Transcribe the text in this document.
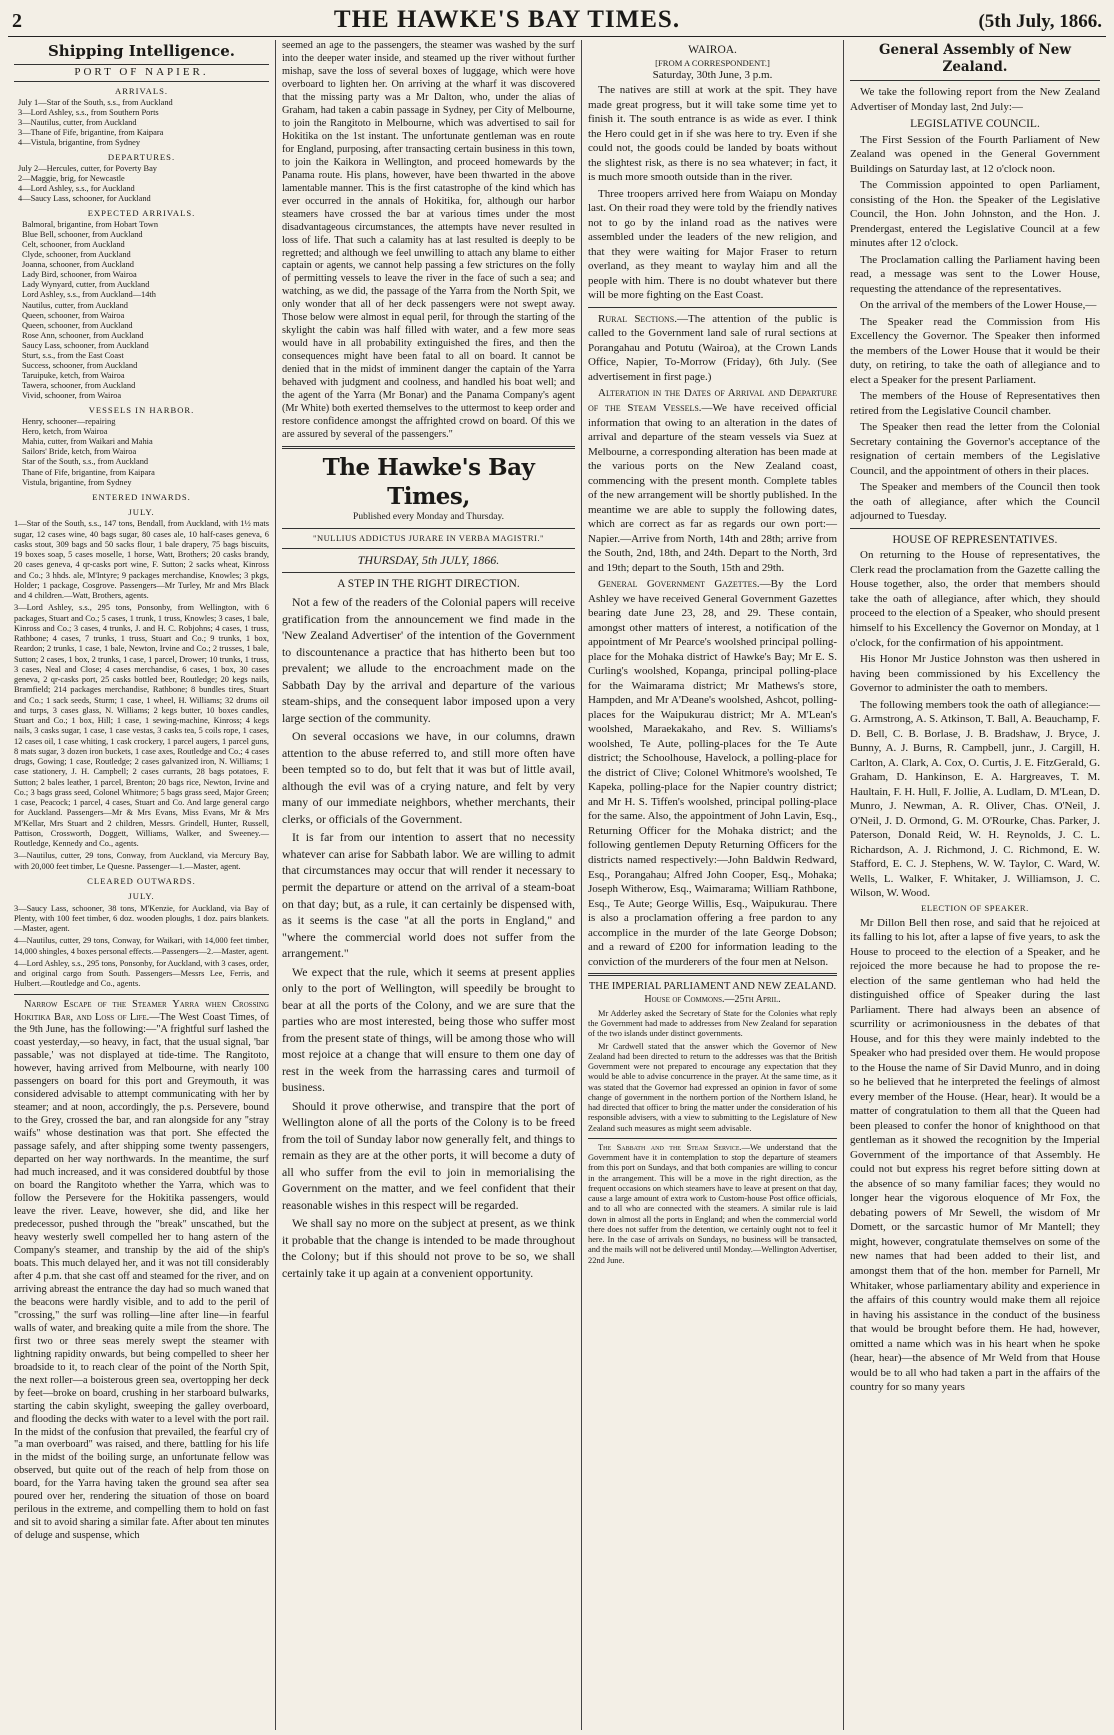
2	THE HAWKE'S BAY TIMES.	(5th July, 1866.
Shipping Intelligence.
PORT OF NAPIER.
ARRIVALS.
July 1—Star of the South, s.s., from Auckland
3—Lord Ashley, s.s., from Southern Ports
3—Nautilus, cutter, from Auckland
3—Thane of Fife, brigantine, from Kaipara
4—Vistula, brigantine, from Sydney
DEPARTURES.
July 2—Hercules, cutter, for Poverty Bay
2—Maggie, brig, for Newcastle
4—Lord Ashley, s.s., for Auckland
4—Saucy Lass, schooner, for Auckland
EXPECTED ARRIVALS.
Balmoral, brigantine, from Hobart Town
Blue Bell, schooner, from Auckland
Celt, schooner, from Auckland
Clyde, schooner, from Auckland
Joanna, schooner, from Auckland
Lady Bird, schooner, from Wairoa
Lady Wynyard, cutter, from Auckland
Lord Ashley, s.s., from Auckland—14th
Nautilus, cutter, from Auckland
Queen, schooner, from Wairoa
Queen, schooner, from Auckland
Rose Ann, schooner, from Auckland
Saucy Lass, schooner, from Auckland
Sturt, s.s., from the East Coast
Success, schooner, from Auckland
Taruipuke, ketch, from Wairoa
Tawera, schooner, from Auckland
Vivid, schooner, from Wairoa
VESSELS IN HARBOR.
Henry, schooner—repairing
Hero, ketch, from Wairoa
Mahia, cutter, from Waikari and Mahia
Sailors' Bride, ketch, from Wairoa
Star of the South, s.s., from Auckland
Thane of Fife, brigantine, from Kaipara
Vistula, brigantine, from Sydney
ENTERED INWARDS.
JULY.
1—Star of the South, s.s., 147 tons, Bendall, from Auckland, with 1½ mats sugar, 12 cases wine, 40 bags sugar, 80 cases ale, 10 half-cases geneva, 6 casks stout, 309 bags and 50 sacks flour, 1 bale drapery, 75 bags biscuits, 19 boxes soap, 5 cases moselle, 1 horse, Watt, Brothers; 20 casks brandy, 20 cases geneva, 4 qr-casks port wine, F. Sutton; 2 sacks wheat, Kinross and Co.; 3 hhds. ale, M'Intyre; 9 packages merchandise, Knowles; 3 pkgs, Holder; 1 package, Cosgrove. Passengers—Mr Turley, Mr and Mrs Black and 4 children.—Watt, Brothers, agents.
3—Lord Ashley, s.s., 295 tons, Ponsonby, from Wellington, with 6 packages, Stuart and Co.; 5 cases, 1 trunk, 1 truss, Knowles; 3 cases, 1 bale, Kinross and Co.; 3 cases, 4 trunks, J. and H. C. Robjohns; 4 cases, 1 truss, Rathbone; 4 cases, 7 trunks, 1 truss, Stuart and Co.; 9 trunks, 1 box, Reardon; 2 trunks, 1 case, 1 bale, Newton, Irvine and Co.; 2 trusses, 1 bale, Sutton; 2 cases, 1 box, 2 trunks, 1 case, 1 parcel, Drower; 10 trunks, 1 truss, 3 cases, Neal and Close; 4 cases merchandise, 6 cases, 1 box, 30 cases geneva, 2 qr-casks port, 25 casks bottled beer, Routledge; 20 kegs nails, Bramfield; 214 packages merchandise, Rathbone; 8 bundles tires, Stuart and Co.; 1 sack seeds, Sturm; 1 case, 1 wheel, H. Williams; 32 drums oil and turps, 3 cases glass, N. Williams; 2 kegs butter, 10 boxes candles, Stuart and Co.; 1 box, Hill; 1 case, 1 sewing-machine, Kinross; 4 kegs nails, 3 casks sugar, 1 case, 1 case vestas, 3 casks tea, 5 coils rope, 1 cases, 12 cases oil, 1 case whiting, 1 cask crockery, 1 parcel augers, 1 parcel guns, 8 mats sugar, 3 dozen iron buckets, 1 case axes, Routledge and Co.; 4 cases drugs, Gowing; 1 case, Routledge; 2 cases galvanized iron, N. Williams; 1 case stationery, J. H. Campbell; 2 cases currants, 28 bags potatoes, F. Sutton; 2 bales leather, 1 parcel, Brenton; 20 bags rice, Newton, Irvine and Co.; 3 bags grass seed, Colonel Whitmore; 5 bags grass seed, Major Green; 1 case, Peacock; 1 parcel, 4 cases, Stuart and Co. And large general cargo for Auckland. Passengers—Mr & Mrs Evans, Miss Evans, Mr & Mrs M'Kellar, Mrs Stuart and 2 children, Messrs. Grindell, Hunter, Russell, Pattison, Crossworth, Doggett, Williams, Walker, and Sweeney.—Routledge, Kennedy and Co., agents.
3—Nautilus, cutter, 29 tons, Conway, from Auckland, via Mercury Bay, with 20,000 feet timber, Le Quesne. Passenger—1.—Master, agent.
CLEARED OUTWARDS.
JULY.
3—Saucy Lass, schooner, 38 tons, M'Kenzie, for Auckland, via Bay of Plenty, with 100 feet timber, 6 doz. wooden ploughs, 1 doz. pairs blankets.—Master, agent.
4—Nautilus, cutter, 29 tons, Conway, for Waikari, with 14,000 feet timber, 14,000 shingles, 4 boxes personal effects.—Passengers—2.—Master, agent.
4—Lord Ashley, s.s., 295 tons, Ponsonby, for Auckland, with 3 cases, order, and original cargo from South. Passengers—Messrs Lee, Ferris, and Hulbert.—Routledge and Co., agents.

Narrow Escape of the Steamer Yarra when Crossing Hokitika Bar, and Loss of Life.—The West Coast Times, of the 9th June, has the following:—"A frightful surf lashed the coast yesterday,—so heavy, in fact, that the usual signal, 'bar passable,' was not displayed at tide-time. The Rangitoto, however, having arrived from Melbourne, with nearly 100 passengers on board for this port and Greymouth, it was considered advisable to attempt communicating with her by steamer; and at noon, accordingly, the p.s. Persevere, bound to the Grey, crossed the bar, and ran alongside for any "stray waifs" whose destination was that port. She effected the passage safely, and after shipping some twenty passengers, departed on her way northwards. In the meantime, the surf had much increased, and it was considered doubtful by those on board the Rangitoto whether the Yarra, which was to follow the Persevere for the Hokitika passengers, would leave the river. Leave, however, she did, and like her predecessor, pushed through the "break" unscathed, but the heavy westerly swell compelled her to hang astern of the Company's steamer, and tranship by the aid of the ship's boats. This much delayed her, and it was not till considerably after 4 p.m. that she cast off and steamed for the river, and on arriving abreast the entrance the day had so much waned that the beacons were hardly visible, and to add to the peril of "crossing," the surf was rolling—line after line—in fearful walls of water, and breaking quite a mile from the shore. The first two or three seas merely swept the steamer with lightning rapidity onwards, but being compelled to sheer her broadside to it, to reach clear of the point of the North Spit, the next roller—a boisterous green sea, overtopping her deck by feet—broke on board, crushing in her starboard bulwarks, starting the cabin skylight, sweeping the galley overboard, and flooding the decks with water to a level with the port rail. In the midst of the confusion that prevailed, the fearful cry of "a man overboard" was raised, and there, battling for his life in the midst of the boiling surge, an unfortunate fellow was observed, but quite out of the reach of help from those on board, for the Yarra having taken the ground sea after sea poured over her, rendering the situation of those on board perilous in the extreme, and compelling them to hold on fast and sit to avoid sharing a similar fate. After about ten minutes of deluge and suspense, which

seemed an age to the passengers, the steamer was washed by the surf into the deeper water inside, and steamed up the river without further mishap, save the loss of several boxes of luggage, which were hove overboard to lighten her. On arriving at the wharf it was discovered that the missing party was a Mr Dalton, who, under the alias of Graham, had taken a cabin passage in Sydney, per City of Melbourne, to join the Rangitoto in Melbourne, which was advertised to sail for Hokitika on the 1st instant. The unfortunate gentleman was en route for England, purposing, after transacting certain business in this town, to join the Kaikora in Wellington, and proceed homewards by the Panama route. His plans, however, have been thwarted in the above lamentable manner. This is the first catastrophe of the kind which has ever occurred in the annals of Hokitika, for, although our harbor steamers have crossed the bar at various times under the most disadvantageous circumstances, the attempts have never resulted in loss of life. That such a calamity has at last resulted is deeply to be regretted; and although we feel unwilling to attach any blame to either captain or agents, we cannot help passing a few strictures on the folly of permitting vessels to leave the river in the face of such a sea; and watching, as we did, the passage of the Yarra from the North Spit, we only wonder that all of her deck passengers were not swept away. Those below were almost in equal peril, for through the starting of the skylight the cabin was half filled with water, and a few more seas would have in all probability extinguished the fires, and then the consequences might have been fatal to all on board. It cannot be denied that in the midst of imminent danger the captain of the Yarra behaved with judgment and coolness, and handled his boat well; and the agent of the Yarra (Mr Bonar) and the Panama Company's agent (Mr White) both exerted themselves to the uttermost to keep order and restore confidence amongst the affrighted crowd on board. Of this we are assured by several of the passengers."

The Hawke's Bay Times,
Published every Monday and Thursday.
"NULLIUS ADDICTUS JURARE IN VERBA MAGISTRI."
THURSDAY, 5th JULY, 1866.
A STEP IN THE RIGHT DIRECTION.

Not a few of the readers of the Colonial papers will receive gratification from the announcement we find made in the 'New Zealand Advertiser' of the intention of the Government to discountenance a practice that has hitherto been but too prevalent; we allude to the encroachment made on the Sabbath Day by the arrival and departure of the various steam-ships, and the consequent labor imposed upon a very large section of the community.

On several occasions we have, in our columns, drawn attention to the abuse referred to, and still more often have been tempted so to do, but felt that it was but of little avail, although the evil was of a crying nature, and felt by very many of our immediate neighbors, whether merchants, their clerks, or officials of the Government.

It is far from our intention to assert that no necessity whatever can arise for Sabbath labor. We are willing to admit that circumstances may occur that will render it necessary to permit the departure or attend on the arrival of a steam-boat on that day; but, as a rule, it can certainly be dispensed with, as it seems is the case "at all the ports in England," and "where the commercial world does not suffer from the arrangement."

We expect that the rule, which it seems at present applies only to the port of Wellington, will speedily be brought to bear at all the ports of the Colony, and we are sure that the parties who are most interested, being those who suffer most from the present state of things, will be among those who will most rejoice at a change that will ensure to them one day of rest in the week from the harrassing cares and turmoil of business.

Should it prove otherwise, and transpire that the port of Wellington alone of all the ports of the Colony is to be freed from the toil of Sunday labor now generally felt, and things to remain as they are at the other ports, it will become a duty of all who suffer from the evil to join in memorialising the Government on the matter, and we feel confident that their reasonable wishes in this respect will be regarded.

We shall say no more on the subject at present, as we think it probable that the change is intended to be made throughout the Colony; but if this should not prove to be so, we shall certainly take it up again at a convenient opportunity.

WAIROA.
[FROM A CORRESPONDENT.]
Saturday, 30th June, 3 p.m.

The natives are still at work at the spit. They have made great progress, but it will take some time yet to finish it. The south entrance is as wide as ever. I think the Hero could get in if she was here to try. Even if she could not, the goods could be landed by boats without the slightest risk, as there is no sea whatever; in fact, it is much more smooth outside than in the river.

Three troopers arrived here from Waiapu on Monday last. On their road they were told by the friendly natives not to go by the inland road as the natives were assembled under the leaders of the new religion, and that they were waiting for Major Fraser to return overland, as they meant to waylay him and all the people with him. There is no doubt whatever but there will be more fighting on the East Coast.

Rural Sections.—The attention of the public is called to the Government land sale of rural sections at Porangahau and Potutu (Wairoa), at the Crown Lands Office, Napier, To-Morrow (Friday), 6th July. (See advertisement in first page.)

Alteration in the Dates of Arrival and Departure of the Steam Vessels.—We have received official information that owing to an alteration in the dates of arrival and departure of the steam vessels via Suez at Melbourne, a corresponding alteration has been made at the various ports on the New Zealand coast, commencing with the present month. Complete tables of the new arrangement will be shortly published. In the meantime we are able to supply the following dates, which are correct as far as regards our own port:—Napier.—Arrive from North, 14th and 28th; arrive from the South, 2nd, 18th, and 24th. Depart to the North, 3rd and 19th; depart to the South, 15th and 29th.

General Government Gazettes.—By the Lord Ashley we have received General Government Gazettes bearing date June 23, 28, and 29. These contain, amongst other matters of interest, a notification of the appointment of Mr Pearce's woolshed principal polling-place for the Mohaka district of Hawke's Bay; Mr E. S. Curling's woolshed, Kopanga, principal polling-place for the Waimarama district; Mr Mathews's store, Hampden, and Mr A'Deane's woolshed, Ashcot, polling-places for the Waipukurau district; Mr A. M'Lean's woolshed, Maraekakaho, and Rev. S. Williams's woolshed, Te Aute, polling-places for the Te Aute district; the Schoolhouse, Havelock, a polling-place for the district of Clive; Colonel Whitmore's woolshed, Te Kapeka, polling-place for the Napier country district; and Mr H. S. Tiffen's woolshed, principal polling-place for the same. Also, the appointment of John Lavin, Esq., Returning Officer for the Mohaka district; and the following gentlemen Deputy Returning Officers for the districts named respectively:—John Baldwin Redward, Esq., Porangahau; Alfred John Cooper, Esq., Mohaka; Joseph Witherow, Esq., Waimarama; William Rathbone, Esq., Te Aute; George Willis, Esq., Waipukurau. There is also a proclamation offering a free pardon to any accomplice in the murder of the late George Dobson; and a reward of £200 for information leading to the conviction of the murderers of the four men at Nelson.

THE IMPERIAL PARLIAMENT AND NEW ZEALAND.
House of Commons.—25th April.

Mr Adderley asked the Secretary of State for the Colonies what reply the Government had made to addresses from New Zealand for separation of the two islands under distinct governments.

Mr Cardwell stated that the answer which the Governor of New Zealand had been directed to return to the addresses was that the British Government were not prepared to encourage any expectation that they would be able to advise concurrence in the prayer. At the same time, as it was stated that the Governor had expressed an opinion in favor of some change of government in the northern portion of the Northern Island, he had directed that officer to bring the matter under the consideration of his responsible advisers, with a view to submitting to the Legislature of New Zealand such measures as might seem advisable.

The Sabbath and the Steam Service.—We understand that the Government have it in contemplation to stop the departure of steamers from this port on Sundays, and that both companies are willing to concur in the arrangement. This will be a move in the right direction, as the frequent occasions on which steamers have to leave at present on that day, cause a large amount of extra work to Custom-house Post office officials, and to all who are connected with the steamers. A similar rule is laid down in almost all the ports in England; and when the commercial world there does not suffer from the detention, we certainly ought not to feel it here. In the case of arrivals on Sundays, no business will be transacted, and the mails will not be delivered until Monday.—Wellington Advertiser, 22nd June.

General Assembly of New Zealand.

We take the following report from the New Zealand Advertiser of Monday last, 2nd July:—

LEGISLATIVE COUNCIL.

The First Session of the Fourth Parliament of New Zealand was opened in the General Government Buildings on Saturday last, at 12 o'clock noon.

The Commission appointed to open Parliament, consisting of the Hon. the Speaker of the Legislative Council, the Hon. John Johnston, and the Hon. J. Prendergast, entered the Legislative Council at a few minutes after 12 o'clock.

The Proclamation calling the Parliament having been read, a message was sent to the Lower House, requesting the attendance of the representatives.

On the arrival of the members of the Lower House,—

The Speaker read the Commission from His Excellency the Governor. The Speaker then informed the members of the Lower House that it would be their duty, on retiring, to take the oath of allegiance and to elect a Speaker for the present Parliament.

The members of the House of Representatives then retired from the Legislative Council chamber.

The Speaker then read the letter from the Colonial Secretary containing the Governor's acceptance of the resignation of certain members of the Legislative Council, and the appointment of others in their places.

The Speaker and members of the Council then took the oath of allegiance, after which the Council adjourned to Tuesday.

HOUSE OF REPRESENTATIVES.

On returning to the House of representatives, the Clerk read the proclamation from the Gazette calling the House together, also, the order that members should take the oath of allegiance, after which, they should proceed to the election of a Speaker, who should present himself to his Excellency the Governor on Monday, at 1 o'clock, for the confirmation of his appointment.

His Honor Mr Justice Johnston was then ushered in having been commissioned by his Excellency the Governor to administer the oath to members.

The following members took the oath of allegiance:—G. Armstrong, A. S. Atkinson, T. Ball, A. Beauchamp, F. D. Bell, C. B. Borlase, J. B. Bradshaw, J. Bryce, J. Bunny, A. J. Burns, R. Campbell, junr., J. Cargill, H. Carlton, A. Clark, A. Cox, O. Curtis, J. E. FitzGerald, G. Graham, D. Hankinson, E. A. Hargreaves, T. M. Haultain, F. H. Hull, F. Jollie, A. Ludlam, D. M'Lean, D. Munro, J. Newman, A. R. Oliver, Chas. O'Neil, J. O'Neil, J. D. Ormond, G. M. O'Rourke, Chas. Parker, J. Paterson, Donald Reid, W. H. Reynolds, J. C. L. Richardson, A. J. Richmond, J. C. Richmond, E. W. Stafford, E. C. J. Stephens, W. W. Taylor, C. Ward, W. Wells, L. Walker, F. Whitaker, J. Williamson, J. C. Wilson, W. Wood.

ELECTION OF SPEAKER.

Mr Dillon Bell then rose, and said that he rejoiced at its falling to his lot, after a lapse of five years, to ask the House to proceed to the election of a Speaker, and he rejoiced the more because he had to propose the re-election of the same gentleman who had held the distinguished office of Speaker during the last Parliament. There had always been an absence of scurrility or acrimoniousness in the debates of that House, and for this they were mainly indebted to the Speaker who had presided over them. He would propose to the House the name of Sir David Munro, and in doing so he believed that he interpreted the feelings of almost every member of the House. (Hear, hear). It would be a matter of congratulation to them all that the Queen had been pleased to confer the honor of knighthood on that gentleman as it showed the recognition by the Imperial Government of the importance of that Assembly. He could not but express his regret before sitting down at the absence of so many familiar faces; they would no longer hear the vigorous eloquence of Mr Fox, the debating powers of Mr Sewell, the wisdom of Mr Domett, or the sarcastic humor of Mr Mantell; they might, however, congratulate themselves on some of the new names that had been added to their list, and amongst them that of the hon. member for Parnell, Mr Whitaker, whose parliamentary ability and experience in the affairs of this country would make them all rejoice in having his assistance in the conduct of the business that would be brought before them. He had, however, omitted a name which was in his heart when he spoke (hear, hear)—the absence of Mr Weld from that House would be to all who had taken a part in the affairs of the country for so many years
